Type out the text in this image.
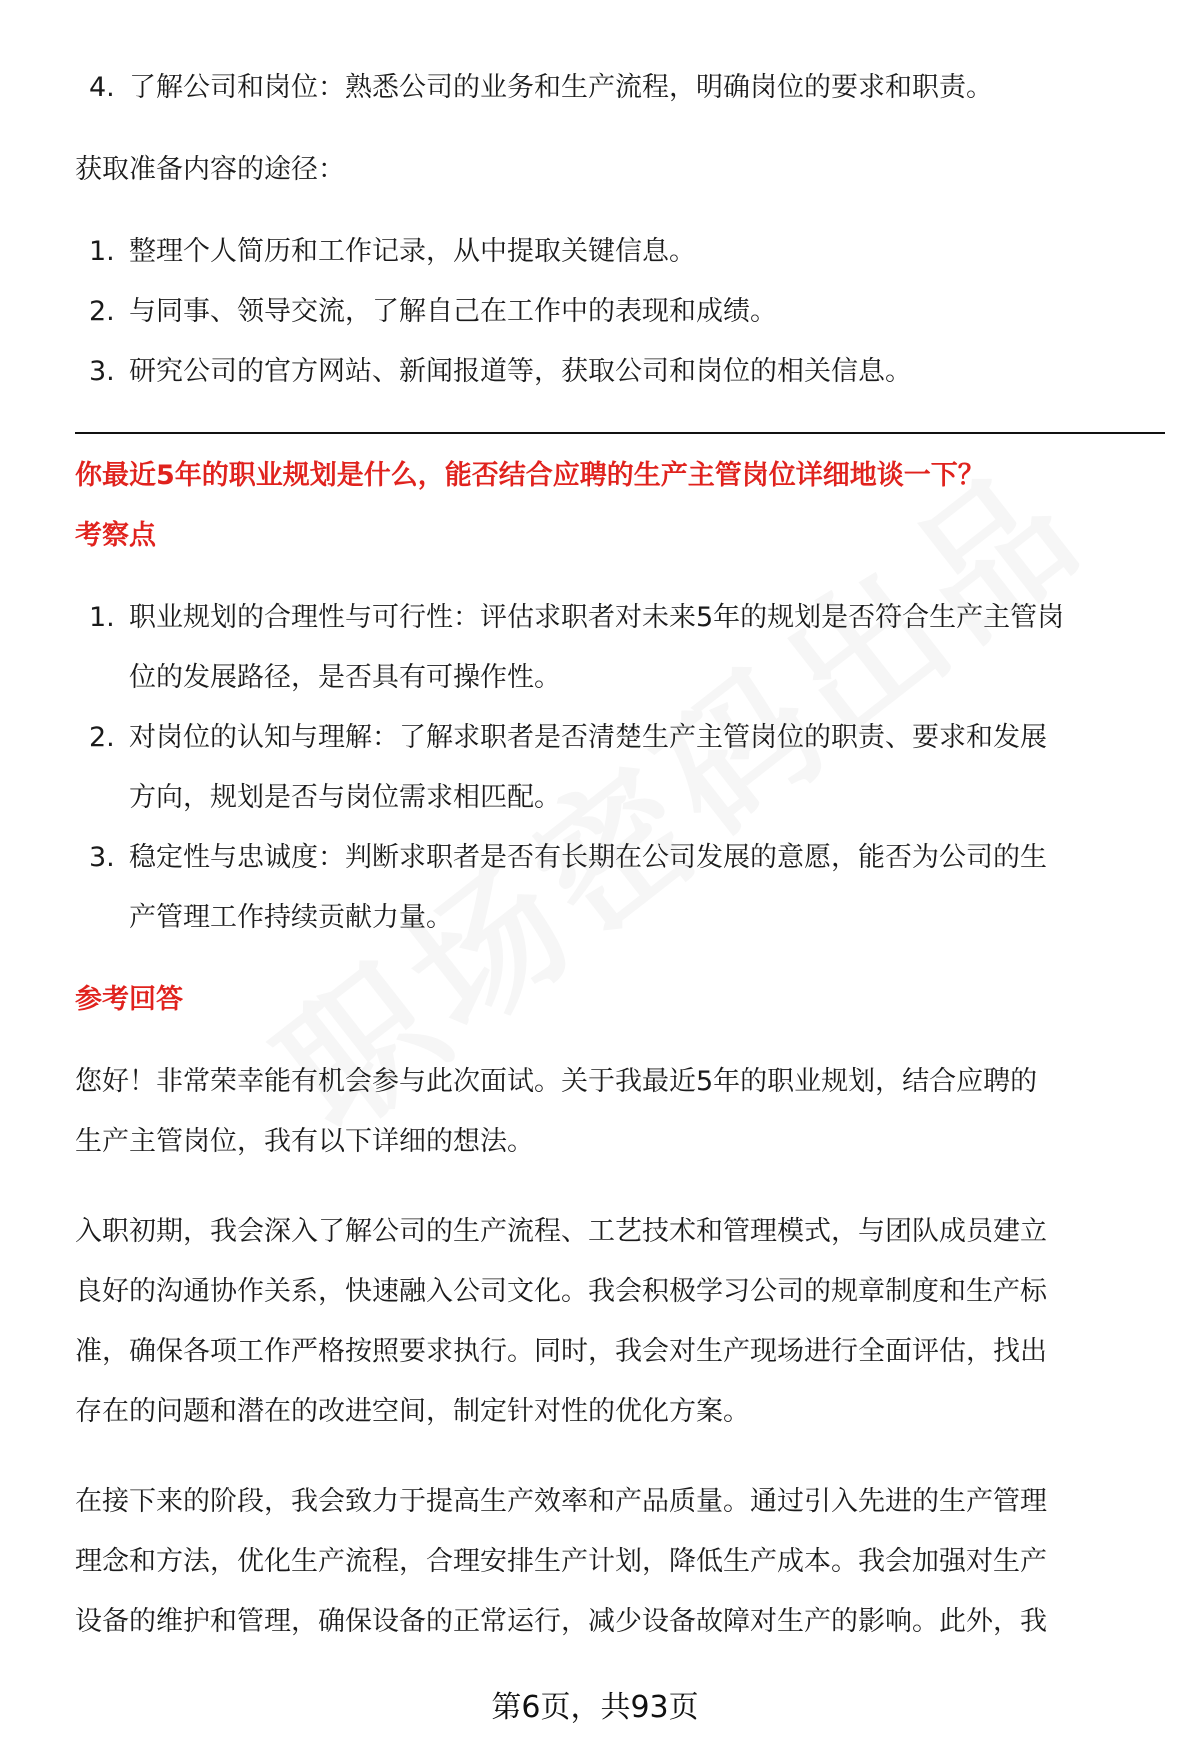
4. 了解公司和岗位：熟悉公司的业务和生产流程，明确岗位的要求和职责。

获取准备内容的途径：

1. 整理个人简历和工作记录，从中提取关键信息。
2. 与同事、领导交流，了解自己在工作中的表现和成绩。
3. 研究公司的官方网站、新闻报道等，获取公司和岗位的相关信息。

你最近5年的职业规划是什么，能否结合应聘的生产主管岗位详细地谈一下？

考察点

1. 职业规划的合理性与可行性：评估求职者对未来5年的规划是否符合生产主管岗
位的发展路径，是否具有可操作性。
2. 对岗位的认知与理解：了解求职者是否清楚生产主管岗位的职责、要求和发展
方向，规划是否与岗位需求相匹配。
3. 稳定性与忠诚度：判断求职者是否有长期在公司发展的意愿，能否为公司的生
产管理工作持续贡献力量。

参考回答

您好！非常荣幸能有机会参与此次面试。关于我最近5年的职业规划，结合应聘的

生产主管岗位，我有以下详细的想法。

入职初期，我会深入了解公司的生产流程、工艺技术和管理模式，与团队成员建立

良好的沟通协作关系，快速融入公司文化。我会积极学习公司的规章制度和生产标

准，确保各项工作严格按照要求执行。同时，我会对生产现场进行全面评估，找出

存在的问题和潜在的改进空间，制定针对性的优化方案。

在接下来的阶段，我会致力于提高生产效率和产品质量。通过引入先进的生产管理

理念和方法，优化生产流程，合理安排生产计划，降低生产成本。我会加强对生产

设备的维护和管理，确保设备的正常运行，减少设备故障对生产的影响。此外，我

第6页，共93页
